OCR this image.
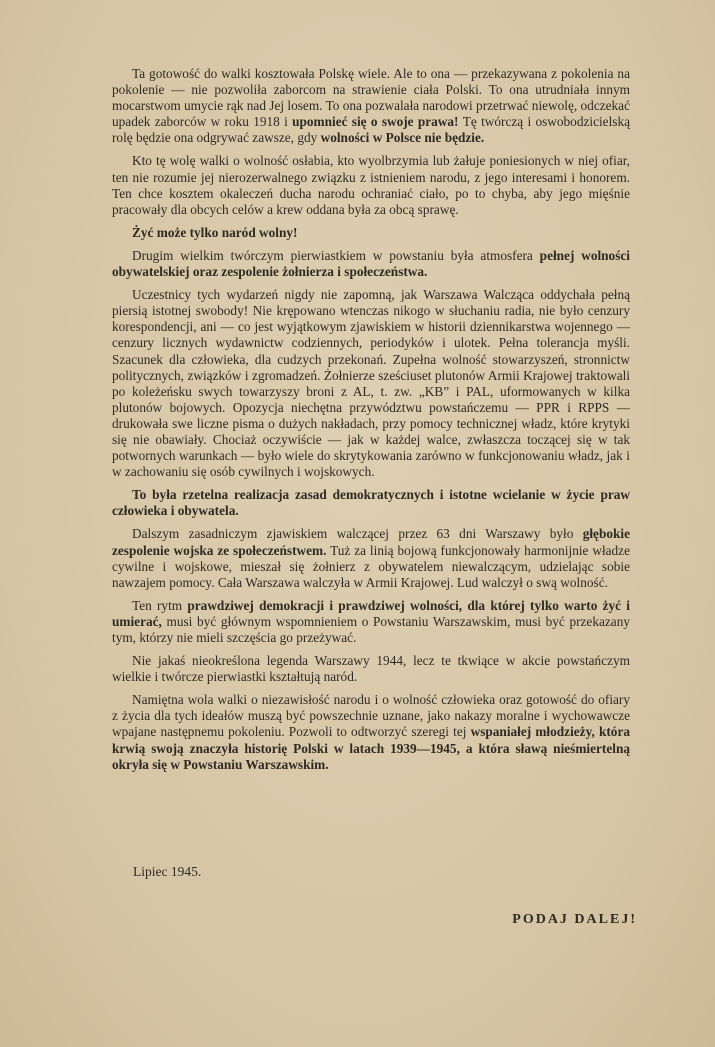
Ta gotowość do walki kosztowała Polskę wiele. Ale to ona — przekazywana z pokolenia na pokolenie — nie pozwoliła zaborcom na strawienie ciała Polski. To ona utrudniała innym mocarstwom umycie rąk nad Jej losem. To ona pozwalała narodowi przetrwać niewolę, odczekać upadek zaborców w roku 1918 i upomnieć się o swoje prawa! Tę twórczą i oswobodzicielską rolę będzie ona odgrywać zawsze, gdy wolności w Polsce nie będzie.

Kto tę wolę walki o wolność osłabia, kto wyolbrzymia lub żałuje poniesionych w niej ofiar, ten nie rozumie jej nierozerwalnego związku z istnieniem narodu, z jego interesami i honorem. Ten chce kosztem okaleczeń ducha narodu ochraniać ciało, po to chyba, aby jego mięśnie pracowały dla obcych celów a krew oddana była za obcą sprawę.

Żyć może tylko naród wolny!

Drugim wielkim twórczym pierwiastkiem w powstaniu była atmosfera pełnej wolności obywatelskiej oraz zespolenie żołnierza i społeczeństwa.

Uczestnicy tych wydarzeń nigdy nie zapomną, jak Warszawa Walcząca oddychała pełną piersią istotnej swobody! Nie krępowano wtenczas nikogo w słuchaniu radia, nie było cenzury korespondencji, ani — co jest wyjątkowym zjawiskiem w historii dziennikarstwa wojennego — cenzury licznych wydawnictw codziennych, periodyków i ulotek. Pełna tolerancja myśli. Szacunek dla człowieka, dla cudzych przekonań. Zupełna wolność stowarzyszeń, stronnictw politycznych, związków i zgromadzeń. Żołnierze sześciuset plutonów Armii Krajowej traktowali po koleżeńsku swych towarzyszy broni z AL, t. zw. „KB” i PAL, uformowanych w kilka plutonów bojowych. Opozycja niechętna przywództwu powstańczemu — PPR i RPPS — drukowała swe liczne pisma o dużych nakładach, przy pomocy technicznej władz, które krytyki się nie obawiały. Chociaż oczywiście — jak w każdej walce, zwłaszcza toczącej się w tak potwornych warunkach — było wiele do skrytykowania zarówno w funkcjonowaniu władz, jak i w zachowaniu się osób cywilnych i wojskowych.

To była rzetelna realizacja zasad demokratycznych i istotne wcielanie w życie praw człowieka i obywatela.

Dalszym zasadniczym zjawiskiem walczącej przez 63 dni Warszawy było głębokie zespolenie wojska ze społeczeństwem. Tuż za linią bojową funkcjonowały harmonijnie władze cywilne i wojskowe, mieszał się żołnierz z obywatelem niewalczącym, udzielając sobie nawzajem pomocy. Cała Warszawa walczyła w Armii Krajowej. Lud walczył o swą wolność.

Ten rytm prawdziwej demokracji i prawdziwej wolności, dla której tylko warto żyć i umierać, musi być głównym wspomnieniem o Powstaniu Warszawskim, musi być przekazany tym, którzy nie mieli szczęścia go przeżywać.

Nie jakaś nieokreślona legenda Warszawy 1944, lecz te tkwiące w akcie powstańczym wielkie i twórcze pierwiastki kształtują naród.

Namiętna wola walki o niezawisłość narodu i o wolność człowieka oraz gotowość do ofiary z życia dla tych ideałów muszą być powszechnie uznane, jako nakazy moralne i wychowawcze wpajane następnemu pokoleniu. Pozwoli to odtworzyć szeregi tej wspaniałej młodzieży, która krwią swoją znaczyła historię Polski w latach 1939—1945, a która sławą nieśmiertelną okryła się w Powstaniu Warszawskim.

Lipiec 1945.
PODAJ DALEJ!
